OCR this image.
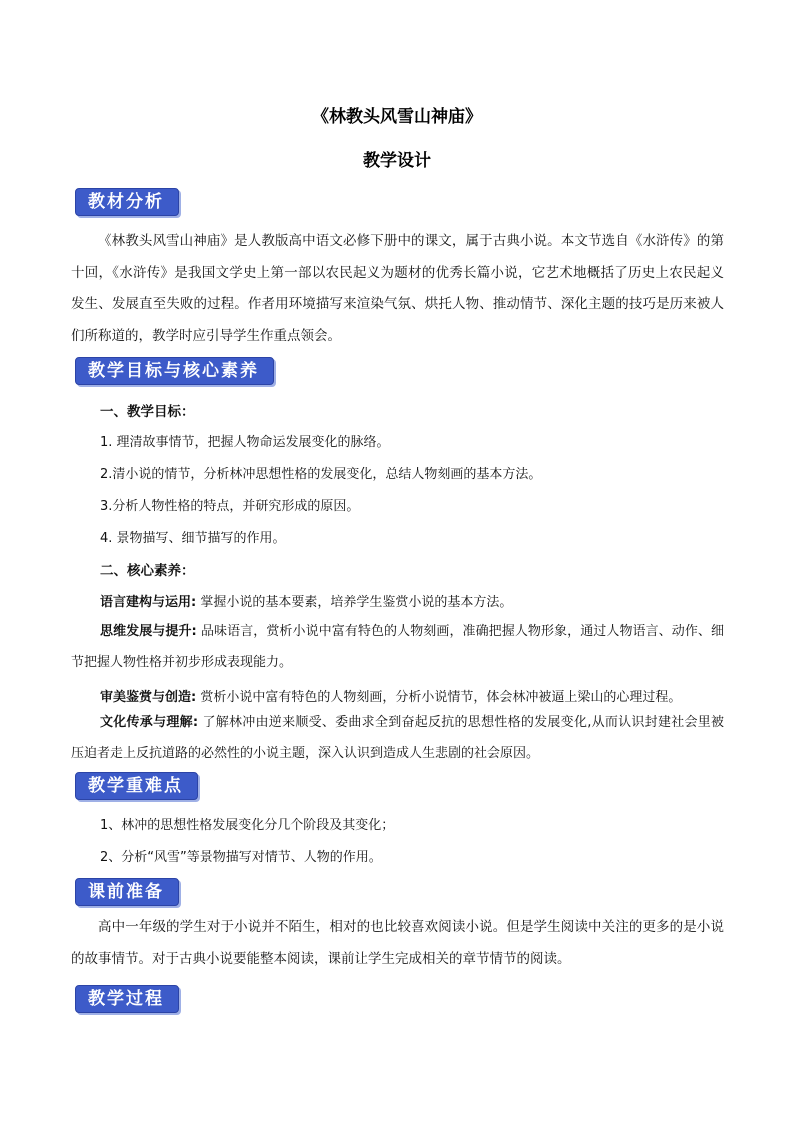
《林教头风雪山神庙》
教学设计
教材分析

《林教头风雪山神庙》是人教版高中语文必修下册中的课文，属于古典小说。本文节选自《水浒传》的第十回，《水浒传》是我国文学史上第一部以农民起义为题材的优秀长篇小说，它艺术地概括了历史上农民起义发生、发展直至失败的过程。作者用环境描写来渲染气氛、烘托人物、推动情节、深化主题的技巧是历来被人们所称道的，教学时应引导学生作重点领会。

教学目标与核心素养
一、教学目标：
1. 理清故事情节，把握人物命运发展变化的脉络。
2.清小说的情节，分析林冲思想性格的发展变化，总结人物刻画的基本方法。
3.分析人物性格的特点，并研究形成的原因。
4. 景物描写、细节描写的作用。
二、核心素养：
语言建构与运用: 掌握小说的基本要素，培养学生鉴赏小说的基本方法。
思维发展与提升: 品味语言，赏析小说中富有特色的人物刻画，准确把握人物形象，通过人物语言、动作、细节把握人物性格并初步形成表现能力。
审美鉴赏与创造: 赏析小说中富有特色的人物刻画，分析小说情节，体会林冲被逼上梁山的心理过程。
文化传承与理解: 了解林冲由逆来顺受、委曲求全到奋起反抗的思想性格的发展变化,从而认识封建社会里被压迫者走上反抗道路的必然性的小说主题，深入认识到造成人生悲剧的社会原因。
教学重难点
1、林冲的思想性格发展变化分几个阶段及其变化；
2、分析“风雪”等景物描写对情节、人物的作用。
课前准备

高中一年级的学生对于小说并不陌生，相对的也比较喜欢阅读小说。但是学生阅读中关注的更多的是小说的故事情节。对于古典小说要能整本阅读，课前让学生完成相关的章节情节的阅读。

教学过程
